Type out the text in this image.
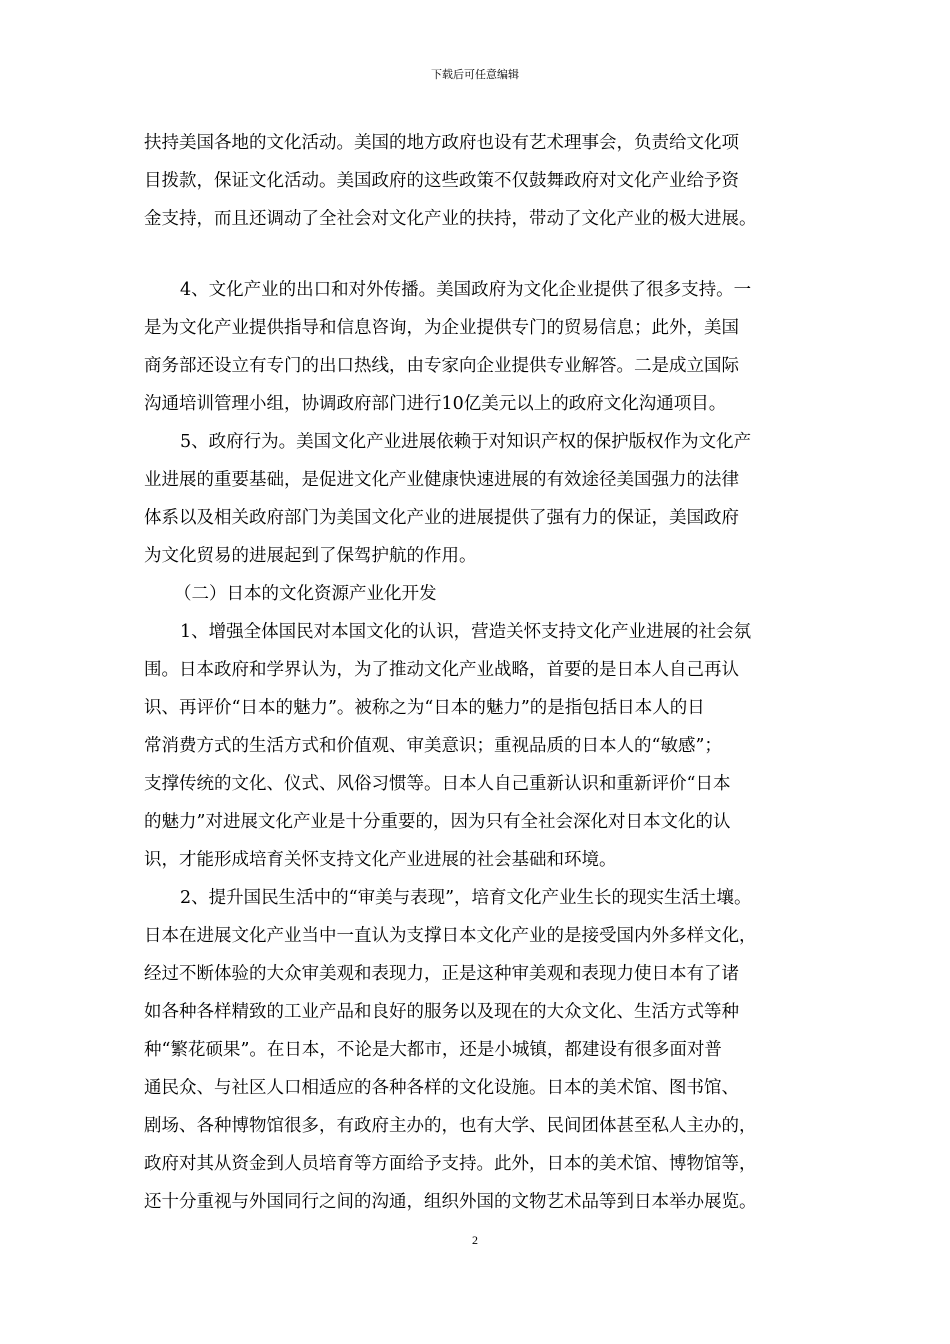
下载后可任意编辑
扶持美国各地的文化活动。美国的地方政府也设有艺术理事会，负责给文化项
目拨款，保证文化活动。美国政府的这些政策不仅鼓舞政府对文化产业给予资
金支持，而且还调动了全社会对文化产业的扶持，带动了文化产业的极大进展。
4、文化产业的出口和对外传播。美国政府为文化企业提供了很多支持。一
是为文化产业提供指导和信息咨询，为企业提供专门的贸易信息；此外，美国
商务部还设立有专门的出口热线，由专家向企业提供专业解答。二是成立国际
沟通培训管理小组，协调政府部门进行10亿美元以上的政府文化沟通项目。
5、政府行为。美国文化产业进展依赖于对知识产权的保护版权作为文化产
业进展的重要基础，是促进文化产业健康快速进展的有效途径美国强力的法律
体系以及相关政府部门为美国文化产业的进展提供了强有力的保证，美国政府
为文化贸易的进展起到了保驾护航的作用。
（二）日本的文化资源产业化开发
1、增强全体国民对本国文化的认识，营造关怀支持文化产业进展的社会氛
围。日本政府和学界认为，为了推动文化产业战略，首要的是日本人自己再认
识、再评价“日本的魅力”。被称之为“日本的魅力”的是指包括日本人的日
常消费方式的生活方式和价值观、审美意识；重视品质的日本人的“敏感”；
支撑传统的文化、仪式、风俗习惯等。日本人自己重新认识和重新评价“日本
的魅力”对进展文化产业是十分重要的，因为只有全社会深化对日本文化的认
识，才能形成培育关怀支持文化产业进展的社会基础和环境。
2、提升国民生活中的“审美与表现”，培育文化产业生长的现实生活土壤。
日本在进展文化产业当中一直认为支撑日本文化产业的是接受国内外多样文化，
经过不断体验的大众审美观和表现力，正是这种审美观和表现力使日本有了诸
如各种各样精致的工业产品和良好的服务以及现在的大众文化、生活方式等种
种“繁花硕果”。在日本，不论是大都市，还是小城镇，都建设有很多面对普
通民众、与社区人口相适应的各种各样的文化设施。日本的美术馆、图书馆、
剧场、各种博物馆很多，有政府主办的，也有大学、民间团体甚至私人主办的，
政府对其从资金到人员培育等方面给予支持。此外，日本的美术馆、博物馆等，
还十分重视与外国同行之间的沟通，组织外国的文物艺术品等到日本举办展览。
2
